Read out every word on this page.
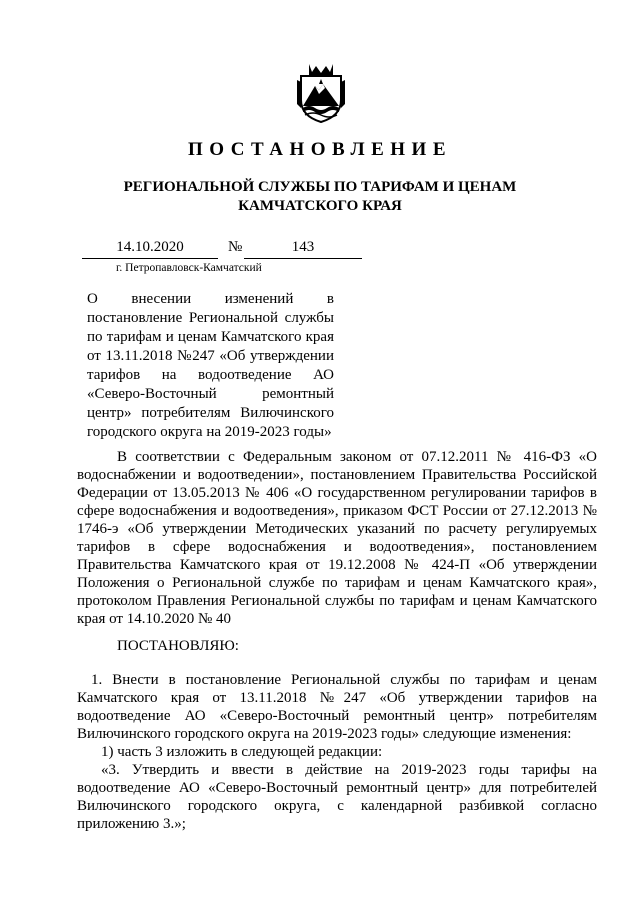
ПОСТАНОВЛЕНИЕ
РЕГИОНАЛЬНОЙ СЛУЖБЫ ПО ТАРИФАМ И ЦЕНАМ
КАМЧАТСКОГО КРАЯ
14.10.2020	№	143
г. Петропавловск-Камчатский
О внесении изменений в постановление Региональной службы по тарифам и ценам Камчатского края от 13.11.2018 №247 «Об утверждении тарифов на водоотведение АО «Северо-Восточный ремонтный центр» потребителям Вилючинского городского округа на 2019-2023 годы»

В соответствии с Федеральным законом от 07.12.2011 № 416-ФЗ «О водоснабжении и водоотведении», постановлением Правительства Российской Федерации от 13.05.2013 № 406 «О государственном регулировании тарифов в сфере водоснабжения и водоотведения», приказом ФСТ России от 27.12.2013 № 1746-э «Об утверждении Методических указаний по расчету регулируемых тарифов в сфере водоснабжения и водоотведения», постановлением Правительства Камчатского края от 19.12.2008 № 424-П «Об утверждении Положения о Региональной службе по тарифам и ценам Камчатского края», протоколом Правления Региональной службы по тарифам и ценам Камчатского края от 14.10.2020 № 40

ПОСТАНОВЛЯЮ:

1. Внести в постановление Региональной службы по тарифам и ценам Камчатского края от 13.11.2018 №247 «Об утверждении тарифов на водоотведение АО «Северо-Восточный ремонтный центр» потребителям Вилючинского городского округа на 2019-2023 годы» следующие изменения:

1) часть 3 изложить в следующей редакции:

«3. Утвердить и ввести в действие на 2019-2023 годы тарифы на водоотведение АО «Северо-Восточный ремонтный центр» для потребителей Вилючинского городского округа, с календарной разбивкой согласно приложению 3.»;
